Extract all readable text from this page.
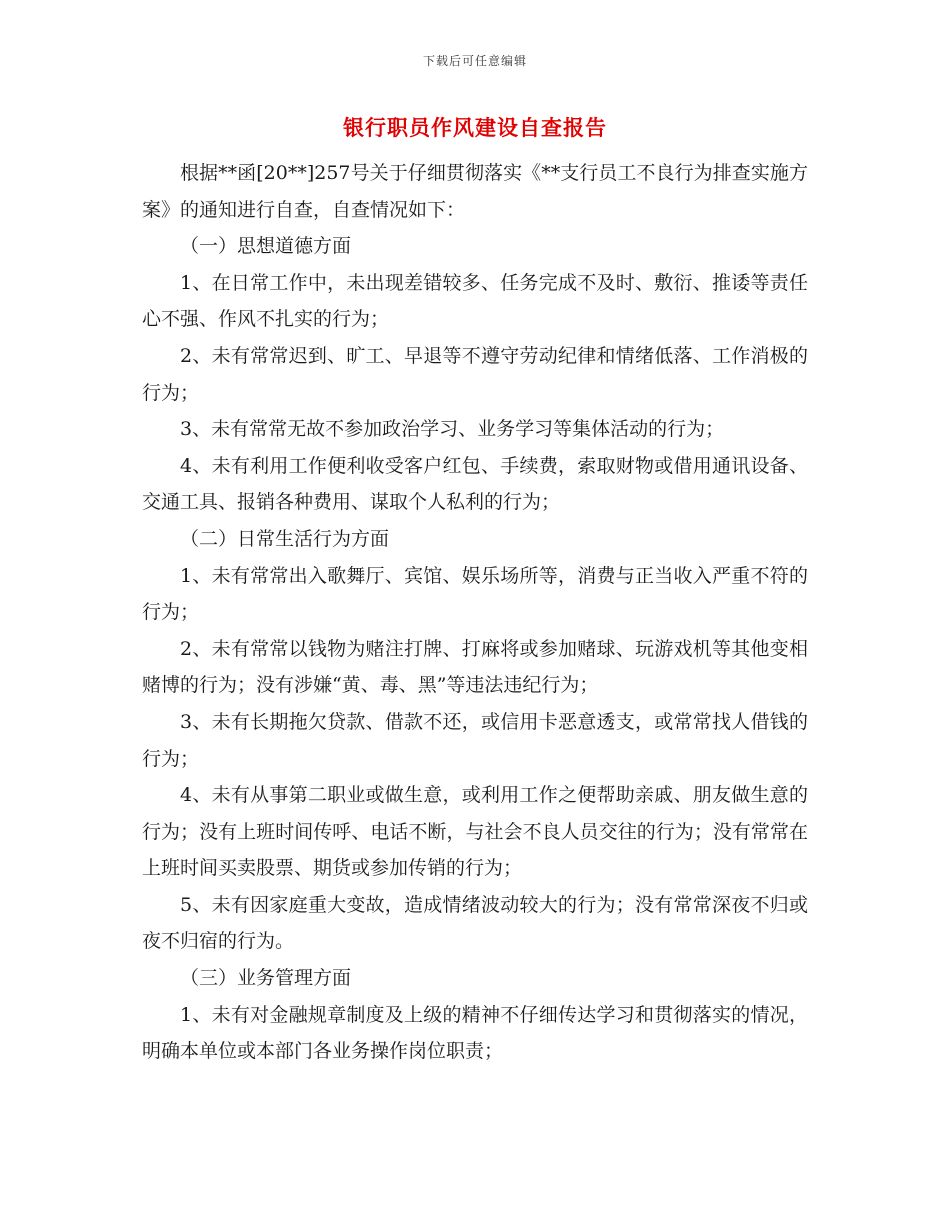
下载后可任意编辑
银行职员作风建设自查报告

根据**函[20**]257号关于仔细贯彻落实《**支行员工不良行为排查实施方案》的通知进行自查，自查情况如下：

（一）思想道德方面

1、在日常工作中，未出现差错较多、任务完成不及时、敷衍、推诿等责任心不强、作风不扎实的行为；

2、未有常常迟到、旷工、早退等不遵守劳动纪律和情绪低落、工作消极的行为；

3、未有常常无故不参加政治学习、业务学习等集体活动的行为；

4、未有利用工作便利收受客户红包、手续费，索取财物或借用通讯设备、交通工具、报销各种费用、谋取个人私利的行为；

（二）日常生活行为方面

1、未有常常出入歌舞厅、宾馆、娱乐场所等，消费与正当收入严重不符的行为；

2、未有常常以钱物为赌注打牌、打麻将或参加赌球、玩游戏机等其他变相赌博的行为；没有涉嫌“黄、毒、黑”等违法违纪行为；

3、未有长期拖欠贷款、借款不还，或信用卡恶意透支，或常常找人借钱的行为；

4、未有从事第二职业或做生意，或利用工作之便帮助亲戚、朋友做生意的行为；没有上班时间传呼、电话不断，与社会不良人员交往的行为；没有常常在上班时间买卖股票、期货或参加传销的行为；

5、未有因家庭重大变故，造成情绪波动较大的行为；没有常常深夜不归或夜不归宿的行为。

（三）业务管理方面

1、未有对金融规章制度及上级的精神不仔细传达学习和贯彻落实的情况，明确本单位或本部门各业务操作岗位职责；
